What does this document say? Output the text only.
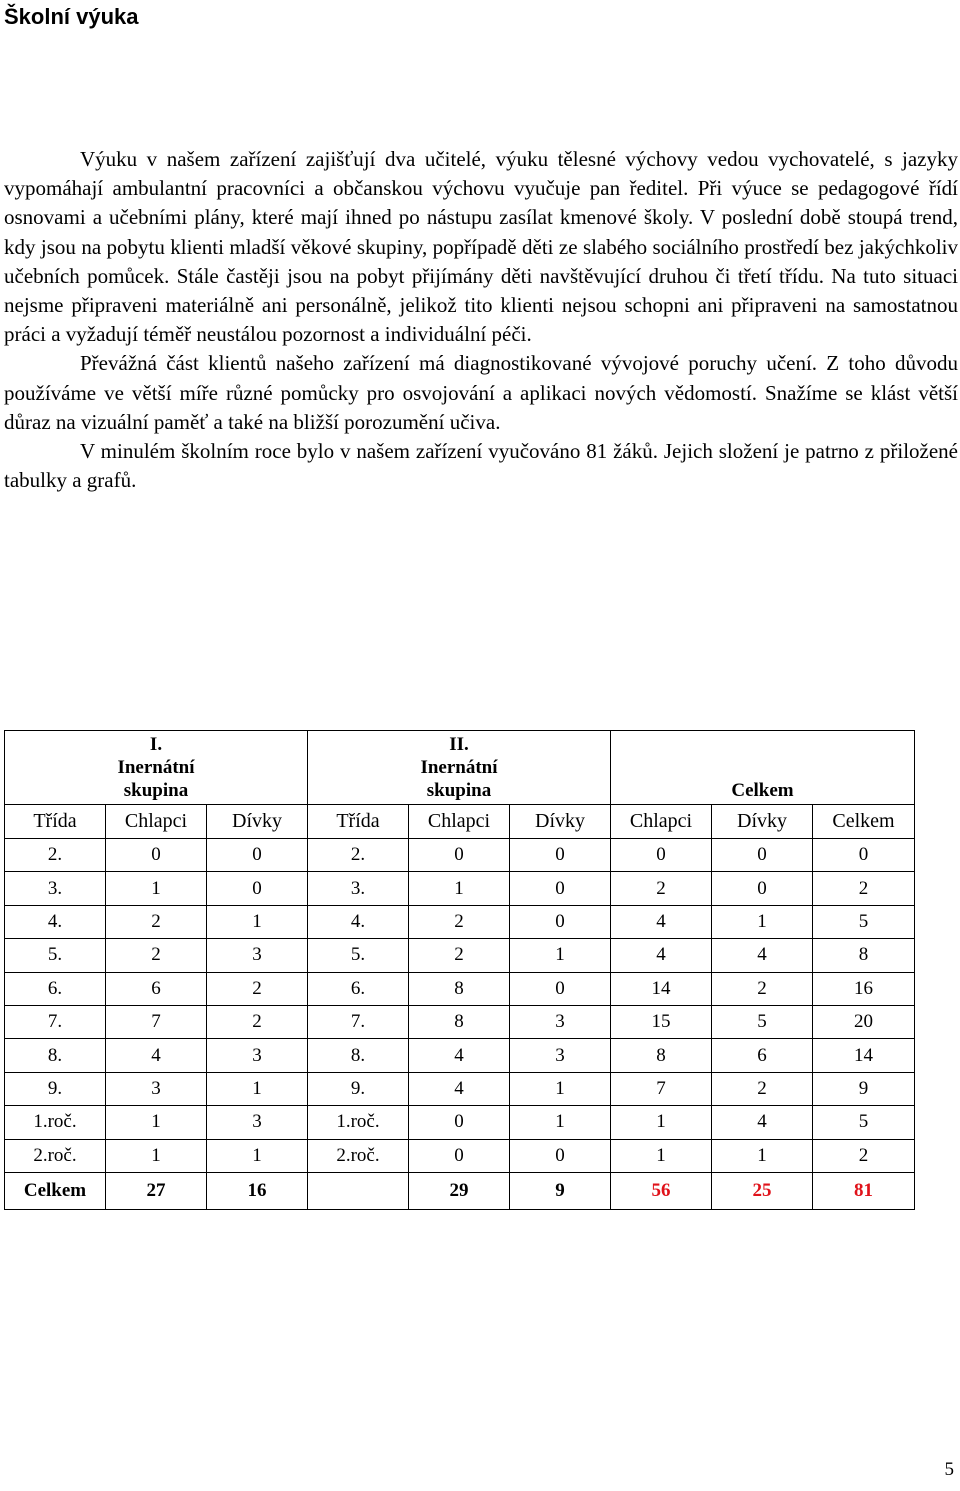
Školní výuka

Výuku v našem zařízení zajišťují dva učitelé, výuku tělesné výchovy vedou vychovatelé, s jazyky vypomáhají ambulantní pracovníci a občanskou výchovu vyučuje pan ředitel. Při výuce se pedagogové řídí osnovami a učebními plány, které mají ihned po nástupu zasílat kmenové školy. V poslední době stoupá trend, kdy jsou na pobytu klienti mladší věkové skupiny, popřípadě děti ze slabého sociálního prostředí bez jakýchkoliv učebních pomůcek. Stále častěji jsou na pobyt přijímány děti navštěvující druhou či třetí třídu. Na tuto situaci nejsme připraveni materiálně ani personálně, jelikož tito klienti nejsou schopni ani připraveni na samostatnou práci a vyžadují téměř neustálou pozornost a individuální péči.

Převážná část klientů našeho zařízení má diagnostikované vývojové poruchy učení. Z toho důvodu používáme ve větší míře různé pomůcky pro osvojování a aplikaci nových vědomostí. Snažíme se klást větší důraz na vizuální paměť a také na bližší porozumění učiva.

V minulém školním roce bylo v našem zařízení vyučováno 81 žáků. Jejich složení je patrno z přiložené tabulky a grafů.

I.
Inernátní
skupina			II.
Inernátní
skupina			Celkem		
Třída	Chlapci	Dívky	Třída	Chlapci	Dívky	Chlapci	Dívky	Celkem
2.	0	0	2.	0	0	0	0	0
3.	1	0	3.	1	0	2	0	2
4.	2	1	4.	2	0	4	1	5
5.	2	3	5.	2	1	4	4	8
6.	6	2	6.	8	0	14	2	16
7.	7	2	7.	8	3	15	5	20
8.	4	3	8.	4	3	8	6	14
9.	3	1	9.	4	1	7	2	9
1.roč.	1	3	1.roč.	0	1	1	4	5
2.roč.	1	1	2.roč.	0	0	1	1	2
Celkem	27	16		29	9	56	25	81
5
